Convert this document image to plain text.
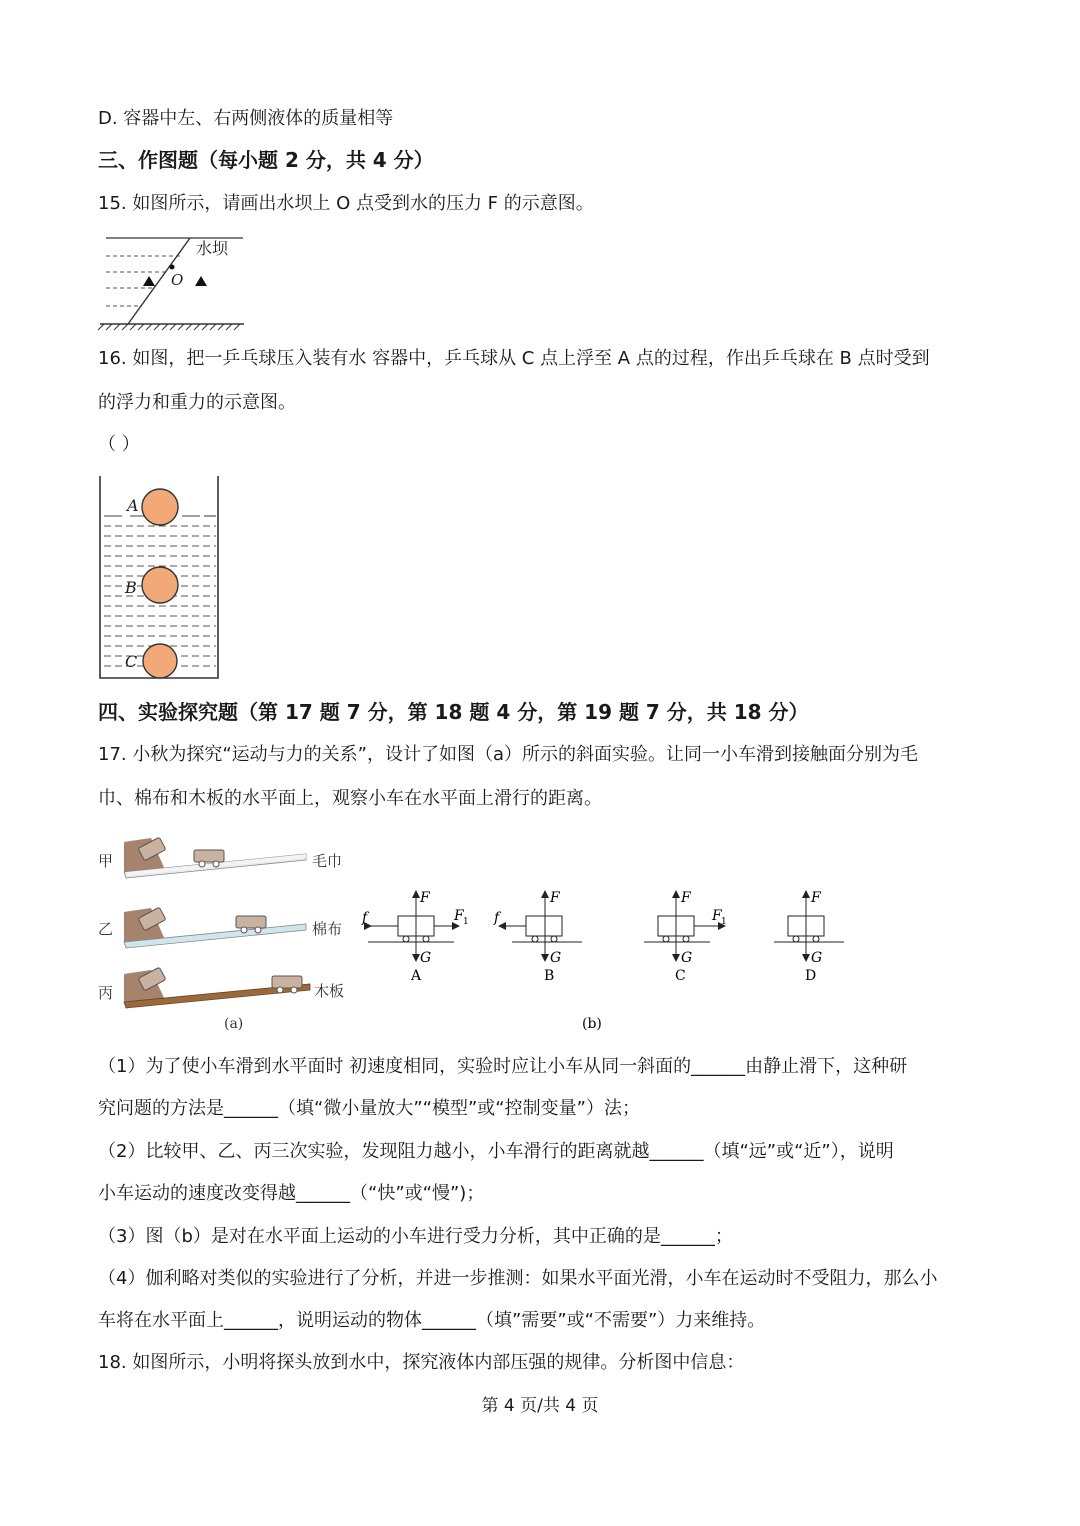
D. 容器中左、右两侧液体的质量相等
三、作图题（每小题 2 分，共 4 分）
15. 如图所示，请画出水坝上 O 点受到水的压力 F 的示意图。
O
水坝
16. 如图，把一乒乓球压入装有水 容器中，乒乓球从 C 点上浮至 A 点的过程，作出乒乓球在 B 点时受到
的浮力和重力的示意图。
（ ）
A
B
C
四、实验探究题（第 17 题 7 分，第 18 题 4 分，第 19 题 7 分，共 18 分）
17. 小秋为探究“运动与力的关系”，设计了如图（a）所示的斜面实验。让同一小车滑到接触面分别为毛
巾、棉布和木板的水平面上，观察小车在水平面上滑行的距离。
甲	毛巾
乙	棉布
丙	木板
(a)
F
G
f	F 1
A
F
G
f
B
F
G
F 1
C
F
G
D
(b)
（1）为了使小车滑到水平面时 初速度相同，实验时应让小车从同一斜面的______由静止滑下，这种研
究问题的方法是______（填“微小量放大”“模型”或“控制变量”）法；
（2）比较甲、乙、丙三次实验，发现阻力越小，小车滑行的距离就越______（填“远”或“近”），说明
小车运动的速度改变得越______（“快”或“慢”)；
（3）图（b）是对在水平面上运动的小车进行受力分析，其中正确的是______；
（4）伽利略对类似的实验进行了分析，并进一步推测：如果水平面光滑，小车在运动时不受阻力，那么小
车将在水平面上______，说明运动的物体______（填”需要”或“不需要”）力来维持。
18. 如图所示，小明将探头放到水中，探究液体内部压强的规律。分析图中信息：
第 4 页/共 4 页
